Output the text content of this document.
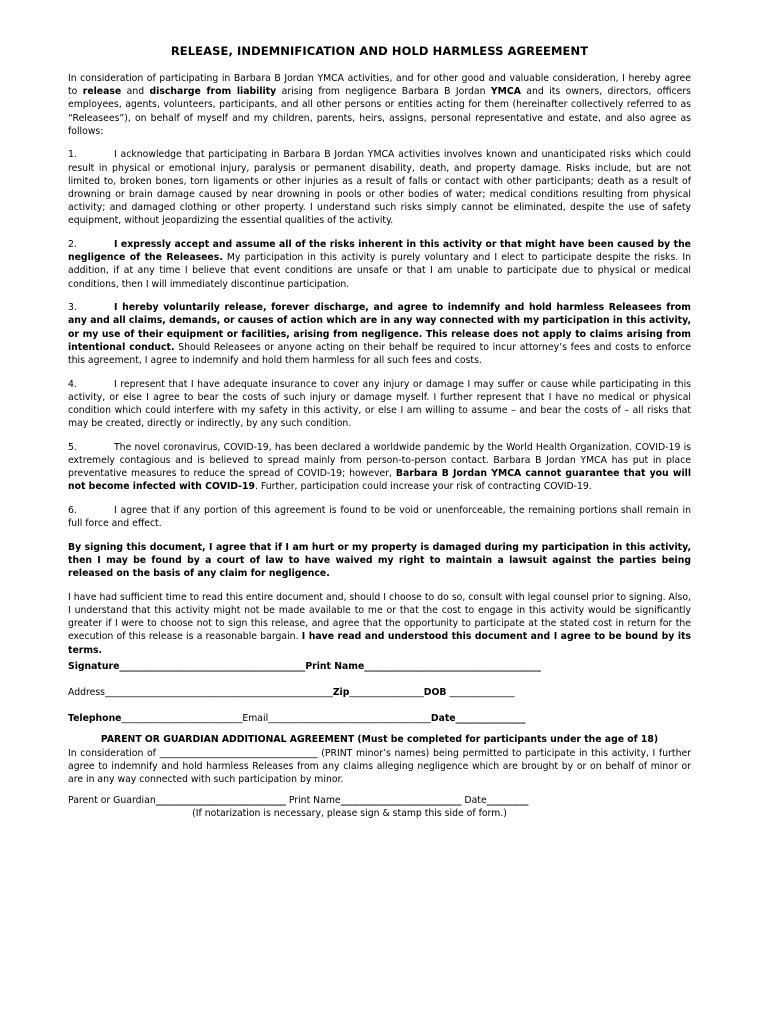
RELEASE, INDEMNIFICATION AND HOLD HARMLESS AGREEMENT
In consideration of participating in Barbara B Jordan YMCA activities, and for other good and valuable consideration, I hereby agree to release and discharge from liability arising from negligence Barbara B Jordan YMCA and its owners, directors, officers employees, agents, volunteers, participants, and all other persons or entities acting for them (hereinafter collectively referred to as “Releasees”), on behalf of myself and my children, parents, heirs, assigns, personal representative and estate, and also agree as follows:
1.	I acknowledge that participating in Barbara B Jordan YMCA activities involves known and unanticipated risks which could result in physical or emotional injury, paralysis or permanent disability, death, and property damage. Risks include, but are not limited to, broken bones, torn ligaments or other injuries as a result of falls or contact with other participants; death as a result of drowning or brain damage caused by near drowning in pools or other bodies of water; medical conditions resulting from physical activity; and damaged clothing or other property. I understand such risks simply cannot be eliminated, despite the use of safety equipment, without jeopardizing the essential qualities of the activity.
2.	I expressly accept and assume all of the risks inherent in this activity or that might have been caused by the negligence of the Releasees. My participation in this activity is purely voluntary and I elect to participate despite the risks. In addition, if at any time I believe that event conditions are unsafe or that I am unable to participate due to physical or medical conditions, then I will immediately discontinue participation.
3.	I hereby voluntarily release, forever discharge, and agree to indemnify and hold harmless Releasees from any and all claims, demands, or causes of action which are in any way connected with my participation in this activity, or my use of their equipment or facilities, arising from negligence. This release does not apply to claims arising from intentional conduct. Should Releasees or anyone acting on their behalf be required to incur attorney’s fees and costs to enforce this agreement, I agree to indemnify and hold them harmless for all such fees and costs.
4.	I represent that I have adequate insurance to cover any injury or damage I may suffer or cause while participating in this activity, or else I agree to bear the costs of such injury or damage myself. I further represent that I have no medical or physical condition which could interfere with my safety in this activity, or else I am willing to assume – and bear the costs of – all risks that may be created, directly or indirectly, by any such condition.
5.	The novel coronavirus, COVID-19, has been declared a worldwide pandemic by the World Health Organization. COVID-19 is extremely contagious and is believed to spread mainly from person-to-person contact. Barbara B Jordan YMCA has put in place preventative measures to reduce the spread of COVID-19; however, Barbara B Jordan YMCA cannot guarantee that you will not become infected with COVID-19. Further, participation could increase your risk of contracting COVID-19.
6.	I agree that if any portion of this agreement is found to be void or unenforceable, the remaining portions shall remain in full force and effect.
By signing this document, I agree that if I am hurt or my property is damaged during my participation in this activity, then I may be found by a court of law to have waived my right to maintain a lawsuit against the parties being released on the basis of any claim for negligence.
I have had sufficient time to read this entire document and, should I choose to do so, consult with legal counsel prior to signing. Also, I understand that this activity might not be made available to me or that the cost to engage in this activity would be significantly greater if I were to choose not to sign this release, and agree that the opportunity to participate at the stated cost in return for the execution of this release is a reasonable bargain. I have read and understood this document and I agree to be bound by its terms.
Signature________________________________________Print Name______________________________________
Address_________________________________________________Zip________________DOB ______________
Telephone__________________________Email___________________________________Date_______________
PARENT OR GUARDIAN ADDITIONAL AGREEMENT (Must be completed for participants under the age of 18)
In consideration of __________________________________ (PRINT minor’s names) being permitted to participate in this activity, I further agree to indemnify and hold harmless Releases from any claims alleging negligence which are brought by or on behalf of minor or are in any way connected with such participation by minor.
Parent or Guardian____________________________ Print Name__________________________ Date_________
(If notarization is necessary, please sign & stamp this side of form.)
